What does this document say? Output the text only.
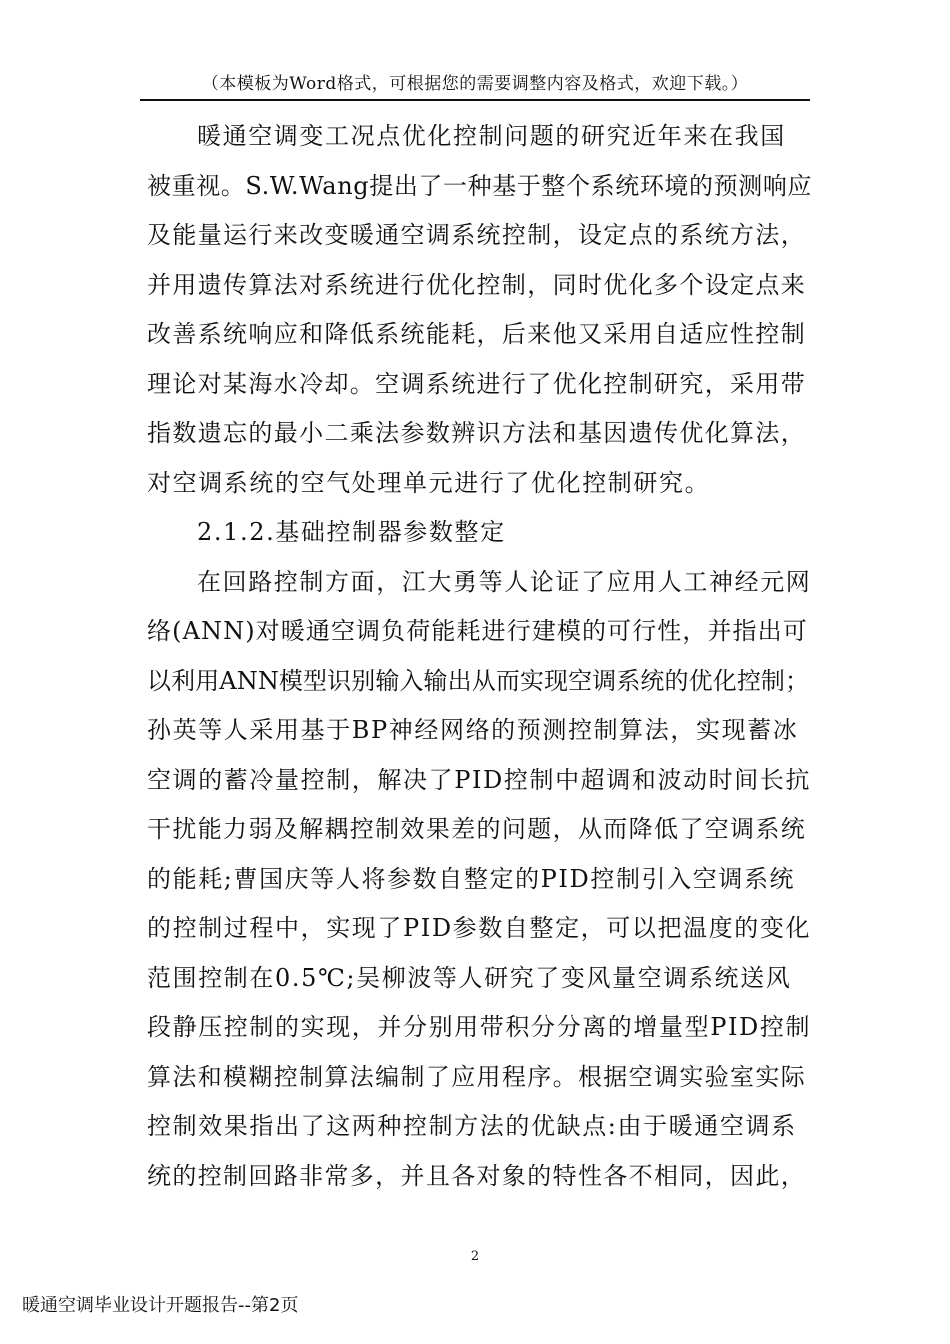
（本模板为Word格式，可根据您的需要调整内容及格式，欢迎下载。）
暖通空调变工况点优化控制问题的研究近年来在我国
被重视。S.W.Wang提出了一种基于整个系统环境的预测响应
及能量运行来改变暖通空调系统控制，设定点的系统方法，
并用遗传算法对系统进行优化控制，同时优化多个设定点来
改善系统响应和降低系统能耗，后来他又采用自适应性控制
理论对某海水冷却。空调系统进行了优化控制研究，采用带
指数遗忘的最小二乘法参数辨识方法和基因遗传优化算法，
对空调系统的空气处理单元进行了优化控制研究。
2.1.2.基础控制器参数整定
在回路控制方面，江大勇等人论证了应用人工神经元网
络(ANN)对暖通空调负荷能耗进行建模的可行性，并指出可
以利用ANN模型识别输入输出从而实现空调系统的优化控制；
孙英等人采用基于BP神经网络的预测控制算法，实现蓄冰
空调的蓄冷量控制，解决了PID控制中超调和波动时间长抗
干扰能力弱及解耦控制效果差的问题，从而降低了空调系统
的能耗;曹国庆等人将参数自整定的PID控制引入空调系统
的控制过程中，实现了PID参数自整定，可以把温度的变化
范围控制在0.5℃;吴柳波等人研究了变风量空调系统送风
段静压控制的实现，并分别用带积分分离的增量型PID控制
算法和模糊控制算法编制了应用程序。根据空调实验室实际
控制效果指出了这两种控制方法的优缺点:由于暖通空调系
统的控制回路非常多，并且各对象的特性各不相同，因此，
2
暖通空调毕业设计开题报告--第2页
